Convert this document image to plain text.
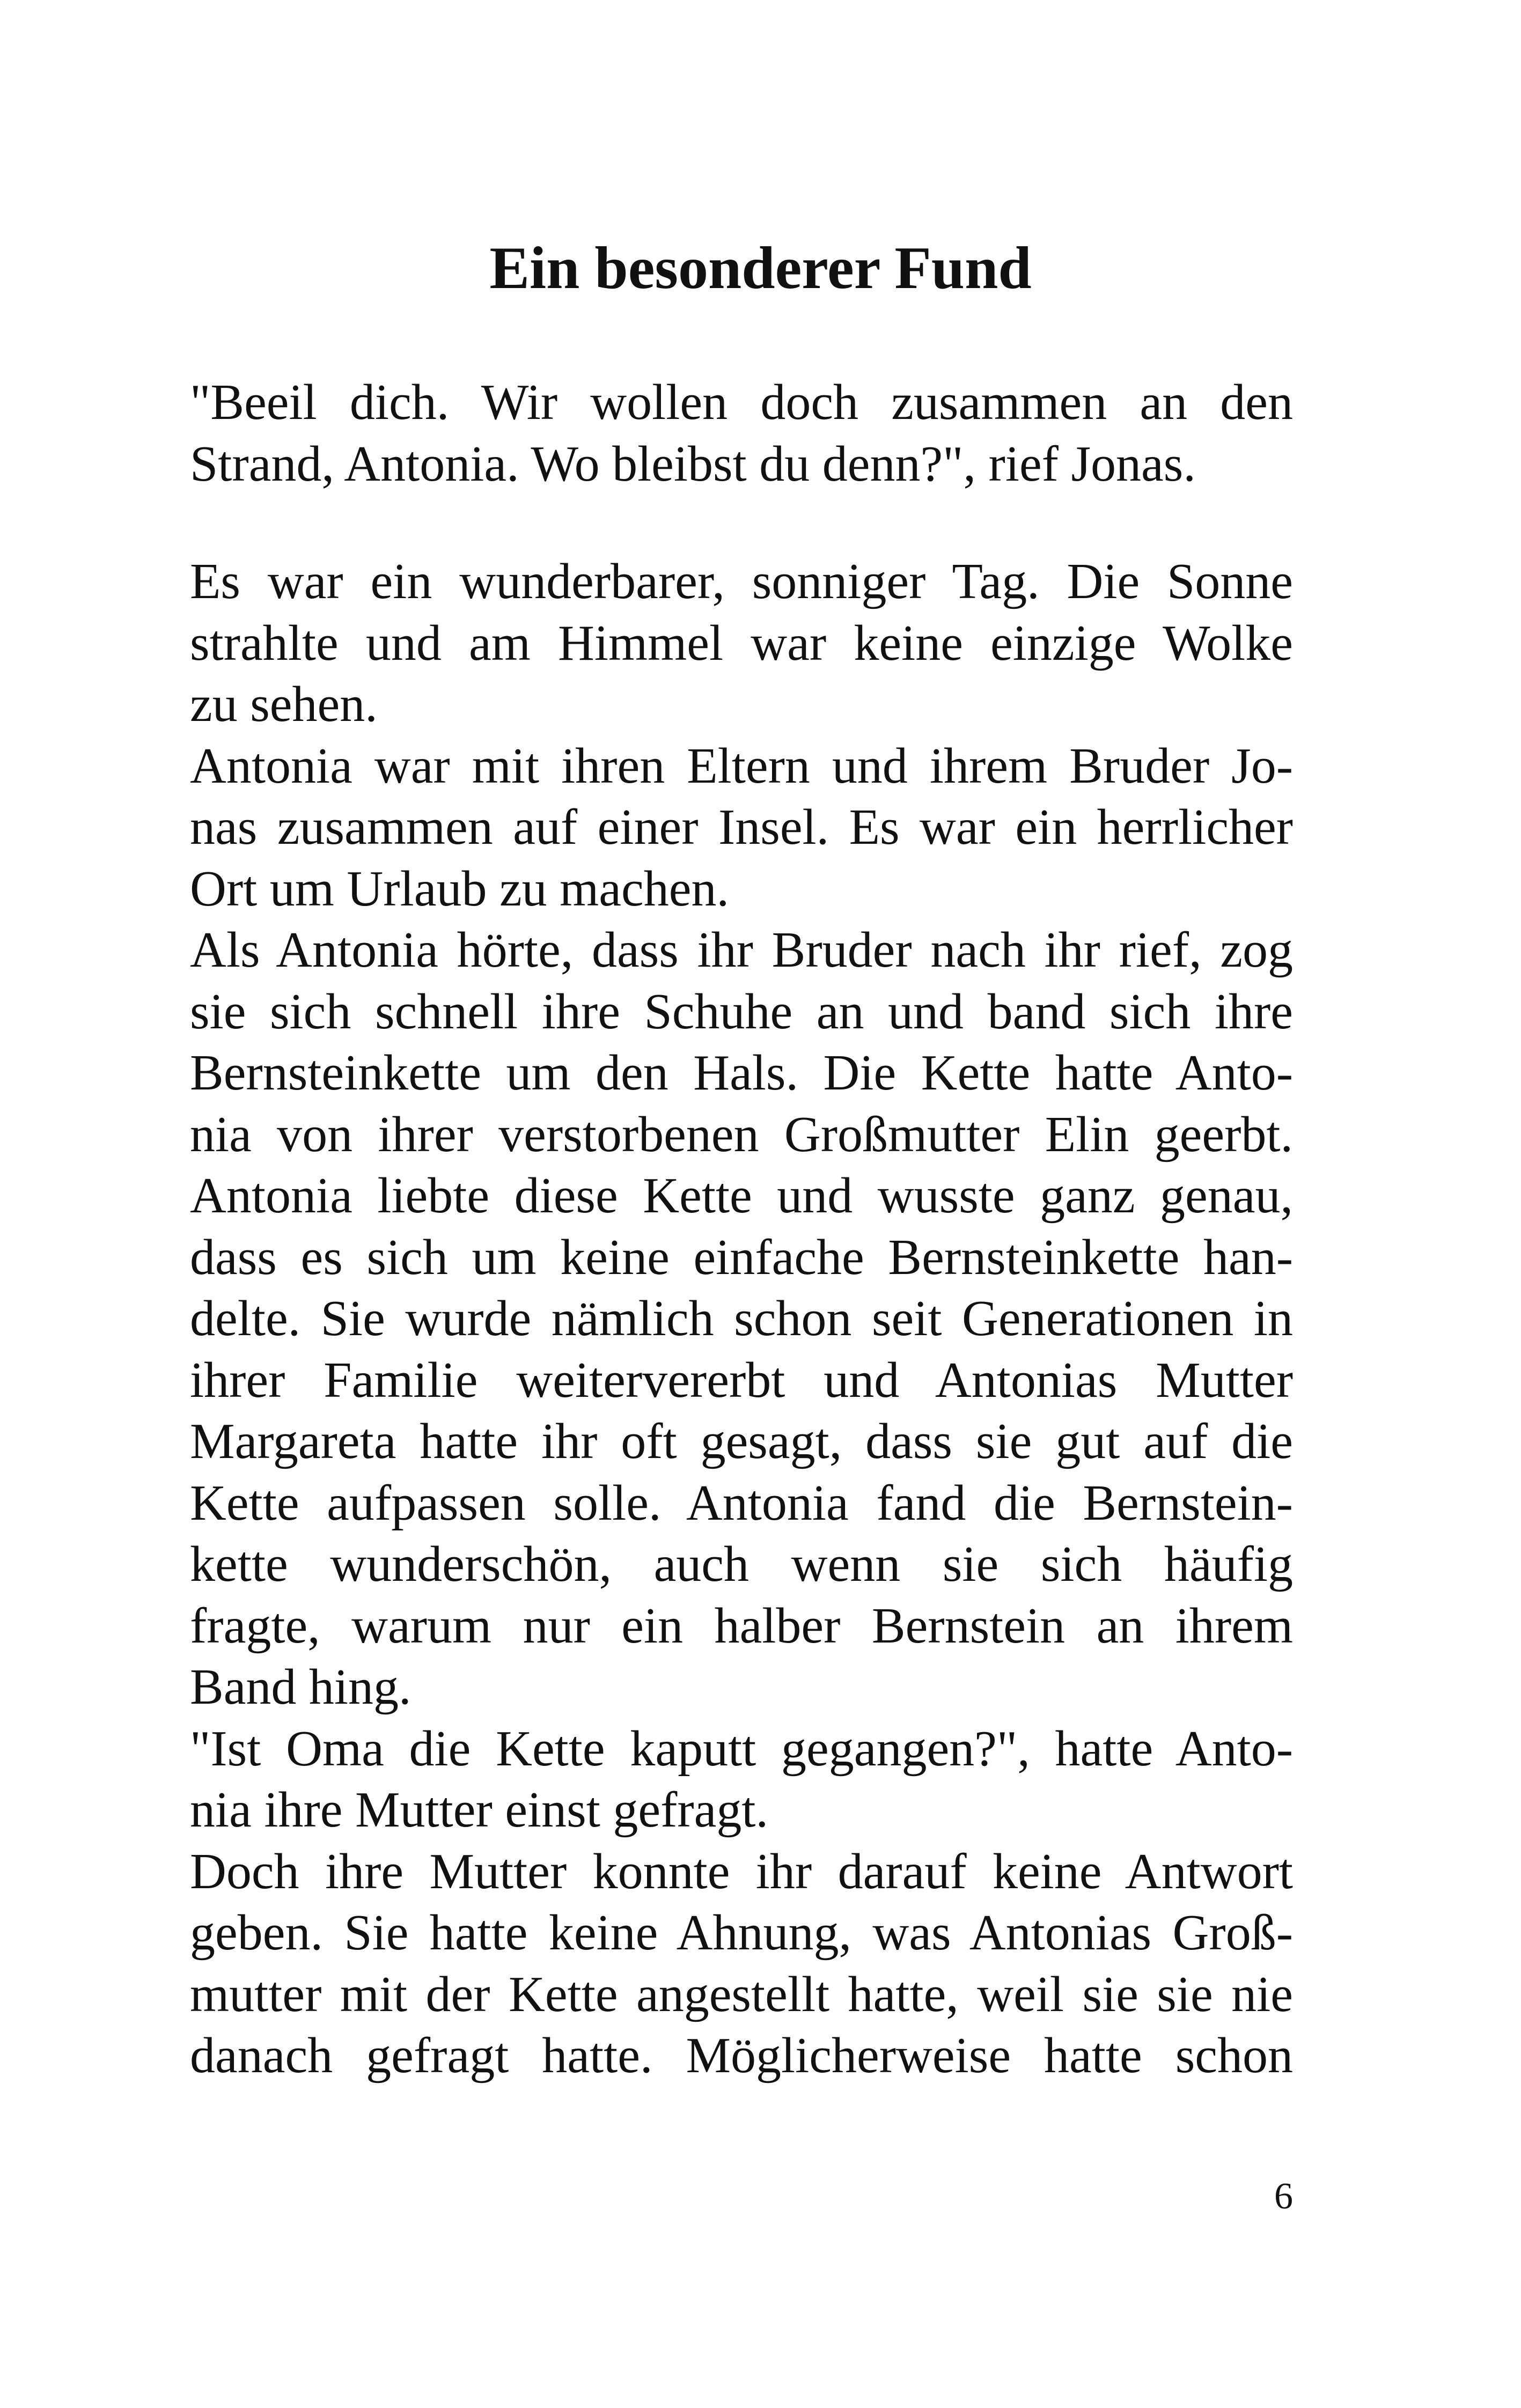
Ein besonderer Fund
"Beeil dich. Wir wollen doch zusammen an den
Strand, Antonia. Wo bleibst du denn?", rief Jonas.
Es war ein wunderbarer, sonniger Tag. Die Sonne
strahlte und am Himmel war keine einzige Wolke
zu sehen.
Antonia war mit ihren Eltern und ihrem Bruder Jo-
nas zusammen auf einer Insel. Es war ein herrlicher
Ort um Urlaub zu machen.
Als Antonia hörte, dass ihr Bruder nach ihr rief, zog
sie sich schnell ihre Schuhe an und band sich ihre
Bernsteinkette um den Hals. Die Kette hatte Anto-
nia von ihrer verstorbenen Großmutter Elin geerbt.
Antonia liebte diese Kette und wusste ganz genau,
dass es sich um keine einfache Bernsteinkette han-
delte. Sie wurde nämlich schon seit Generationen in
ihrer Familie weitervererbt und Antonias Mutter
Margareta hatte ihr oft gesagt, dass sie gut auf die
Kette aufpassen solle. Antonia fand die Bernstein-
kette wunderschön, auch wenn sie sich häufig
fragte, warum nur ein halber Bernstein an ihrem
Band hing.
"Ist Oma die Kette kaputt gegangen?", hatte Anto-
nia ihre Mutter einst gefragt.
Doch ihre Mutter konnte ihr darauf keine Antwort
geben. Sie hatte keine Ahnung, was Antonias Groß-
mutter mit der Kette angestellt hatte, weil sie sie nie
danach gefragt hatte. Möglicherweise hatte schon
6
